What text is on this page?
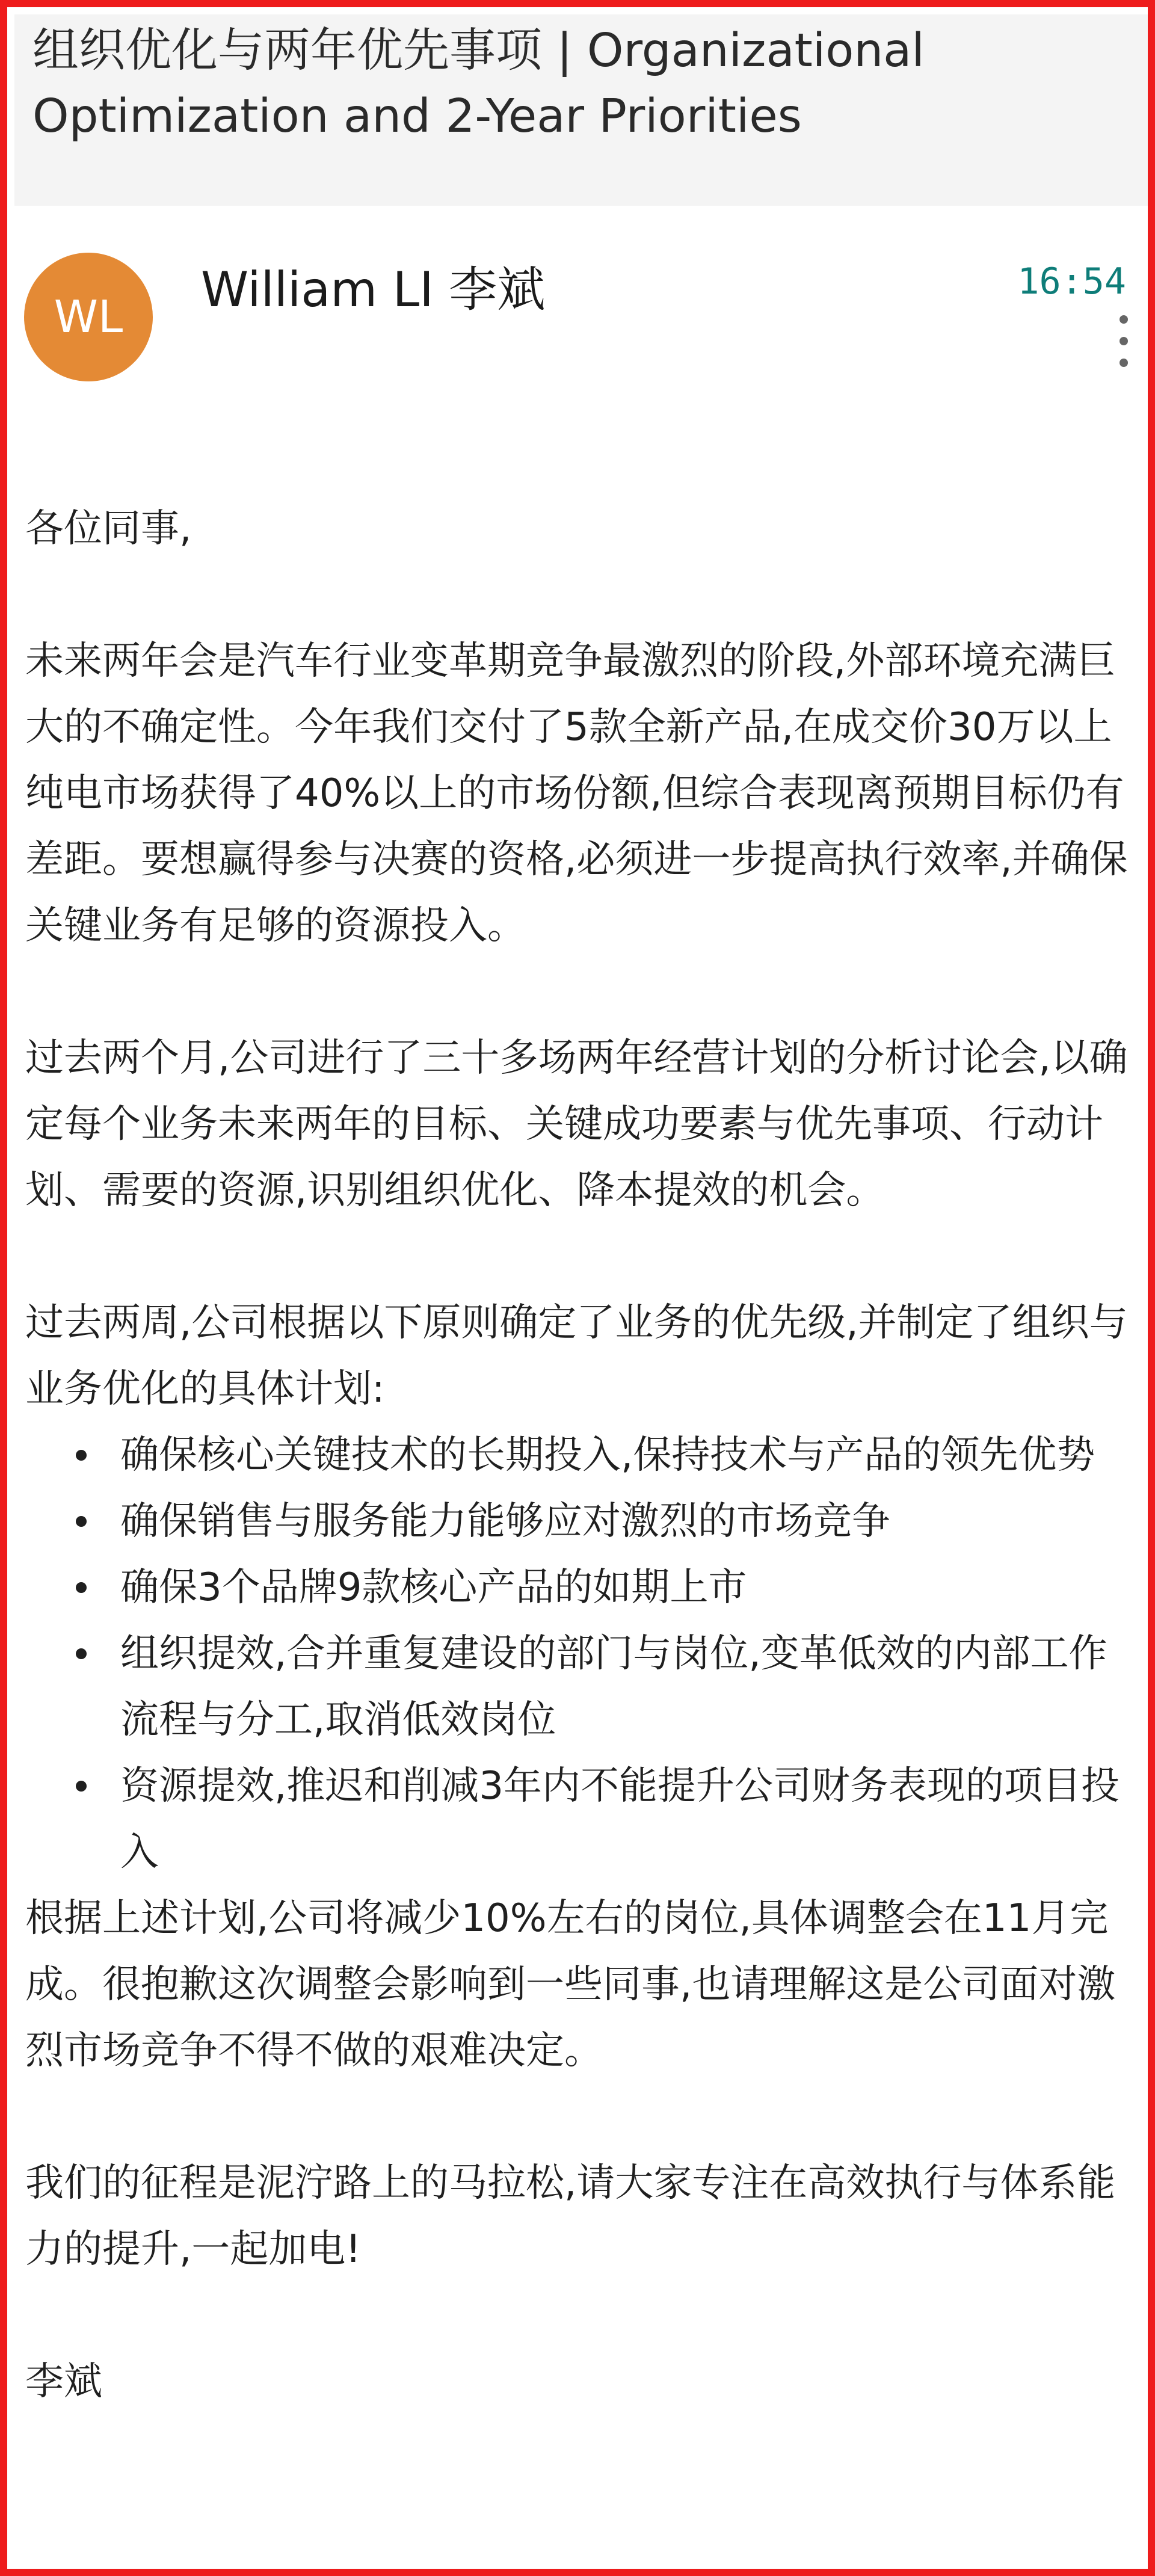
组织优化与两年优先事项 | Organizational Optimization and 2-Year Priorities
WL	William LI 李斌	16:54

各位同事,

未来两年会是汽车行业变革期竞争最激烈的阶段,外部环境充满巨大的不确定性。今年我们交付了5款全新产品,在成交价30万以上纯电市场获得了40%以上的市场份额,但综合表现离预期目标仍有差距。要想赢得参与决赛的资格,必须进一步提高执行效率,并确保关键业务有足够的资源投入。

过去两个月,公司进行了三十多场两年经营计划的分析讨论会,以确定每个业务未来两年的目标、关键成功要素与优先事项、行动计划、需要的资源,识别组织优化、降本提效的机会。

过去两周,公司根据以下原则确定了业务的优先级,并制定了组织与业务优化的具体计划:

确保核心关键技术的长期投入,保持技术与产品的领先优势
确保销售与服务能力能够应对激烈的市场竞争
确保3个品牌9款核心产品的如期上市
组织提效,合并重复建设的部门与岗位,变革低效的内部工作流程与分工,取消低效岗位
资源提效,推迟和削减3年内不能提升公司财务表现的项目投入

根据上述计划,公司将减少10%左右的岗位,具体调整会在11月完成。很抱歉这次调整会影响到一些同事,也请理解这是公司面对激烈市场竞争不得不做的艰难决定。

我们的征程是泥泞路上的马拉松,请大家专注在高效执行与体系能力的提升,一起加电!

李斌
